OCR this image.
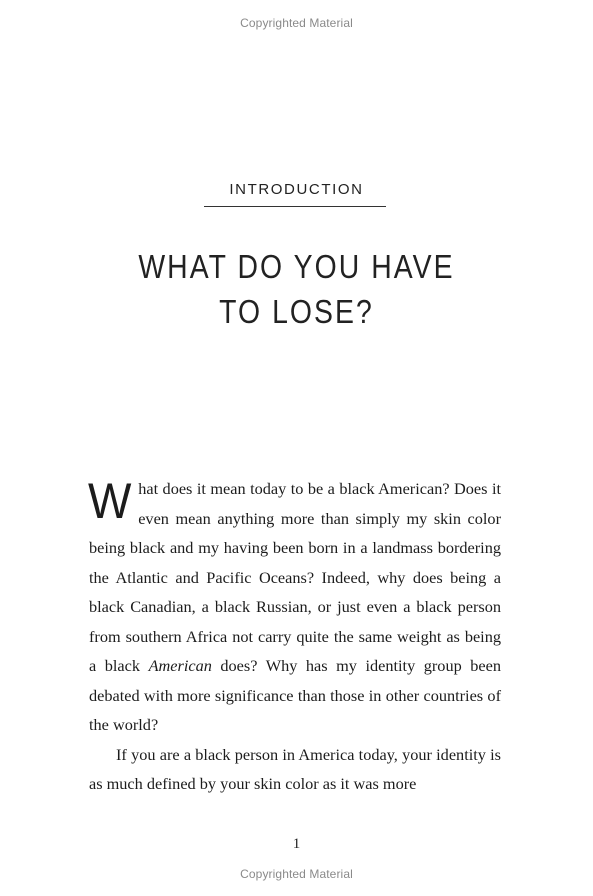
Copyrighted Material
INTRODUCTION
WHAT DO YOU HAVE
TO LOSE?

What does it mean today to be a black American? Does it even mean anything more than simply my skin color being black and my having been born in a landmass bordering the Atlantic and Pacific Oceans? Indeed, why does being a black Canadian, a black Russian, or just even a black person from southern Africa not carry quite the same weight as being a black American does? Why has my identity group been debated with more significance than those in other countries of the world?

If you are a black person in America today, your identity is as much defined by your skin color as it was more

1
Copyrighted Material
